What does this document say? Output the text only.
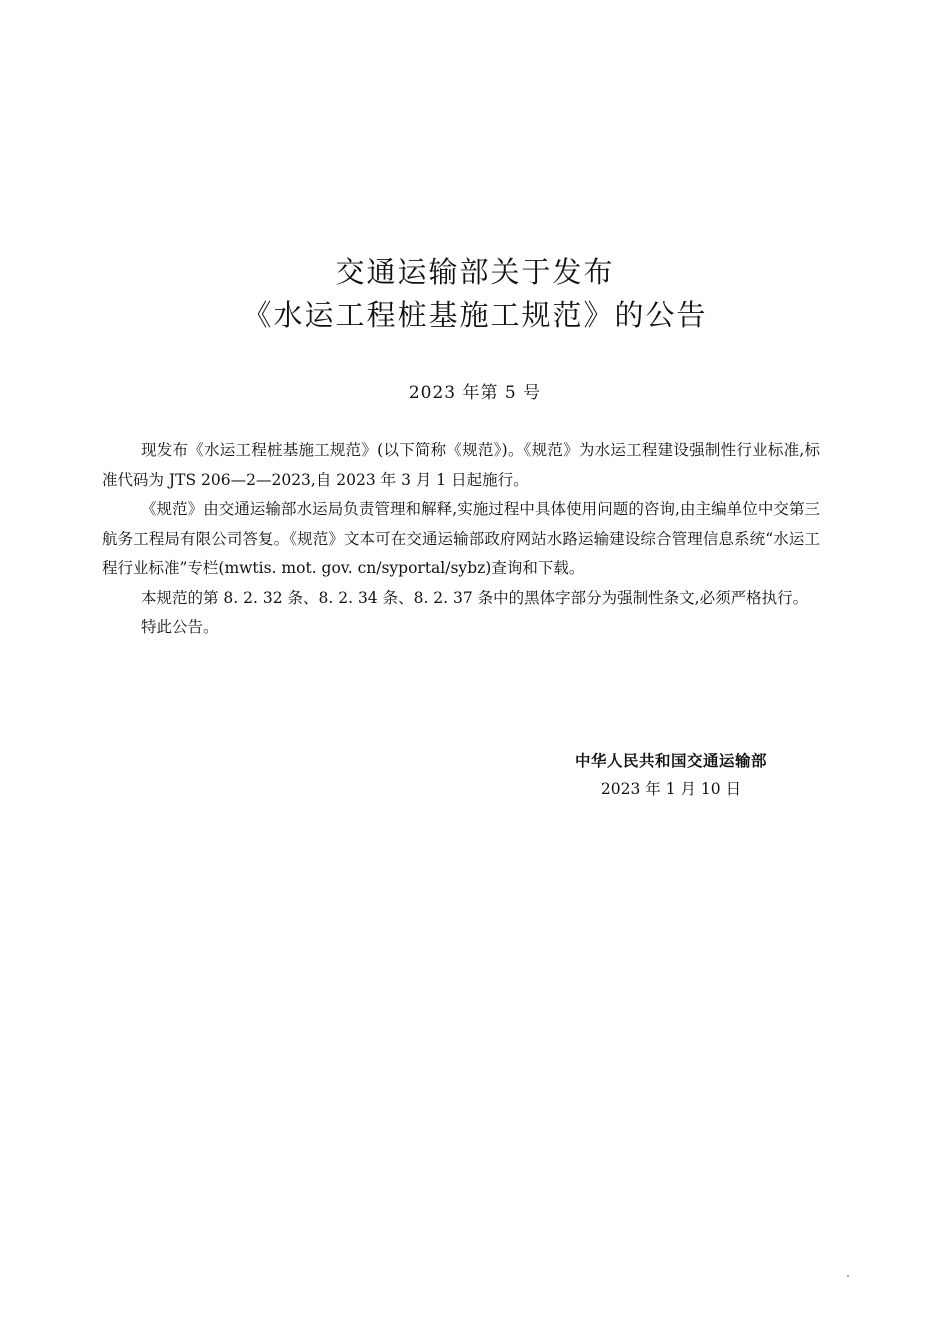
交通运输部关于发布
《水运工程桩基施工规范》的公告
2023 年第 5 号

现发布《水运工程桩基施工规范》(以下简称《规范》)。《规范》为水运工程建设强制性行业标准,标准代码为 JTS 206—2—2023,自 2023 年 3 月 1 日起施行。

《规范》由交通运输部水运局负责管理和解释,实施过程中具体使用问题的咨询,由主编单位中交第三航务工程局有限公司答复。《规范》文本可在交通运输部政府网站水路运输建设综合管理信息系统“水运工程行业标准”专栏(mwtis. mot. gov. cn/syportal/sybz)查询和下载。

本规范的第 8. 2. 32 条、8. 2. 34 条、8. 2. 37 条中的黑体字部分为强制性条文,必须严格执行。

特此公告。

中华人民共和国交通运输部
2023 年 1 月 10 日
